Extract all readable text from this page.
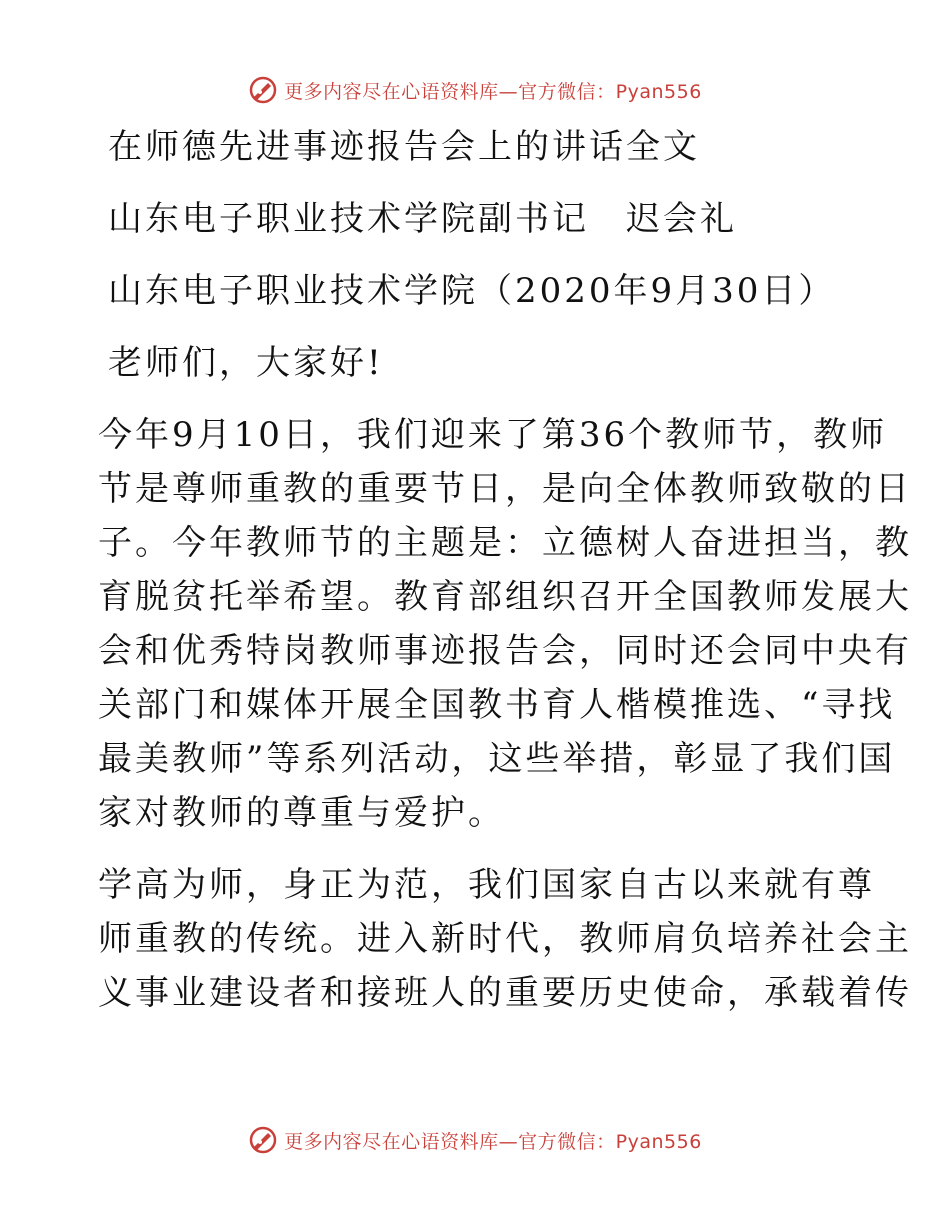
更多内容尽在心语资料库—官方微信：Pyan556
在师德先进事迹报告会上的讲话全文
山东电子职业技术学院副书记　迟会礼
山东电子职业技术学院（2020年9月30日）
老师们，大家好!
今年9月10日，我们迎来了第36个教师节，教师
节是尊师重教的重要节日，是向全体教师致敬的日
子。今年教师节的主题是：立德树人奋进担当，教
育脱贫托举希望。教育部组织召开全国教师发展大
会和优秀特岗教师事迹报告会，同时还会同中央有
关部门和媒体开展全国教书育人楷模推选、“寻找
最美教师”等系列活动，这些举措，彰显了我们国
家对教师的尊重与爱护。
学高为师，身正为范，我们国家自古以来就有尊
师重教的传统。进入新时代，教师肩负培养社会主
义事业建设者和接班人的重要历史使命，承载着传
更多内容尽在心语资料库—官方微信：Pyan556
